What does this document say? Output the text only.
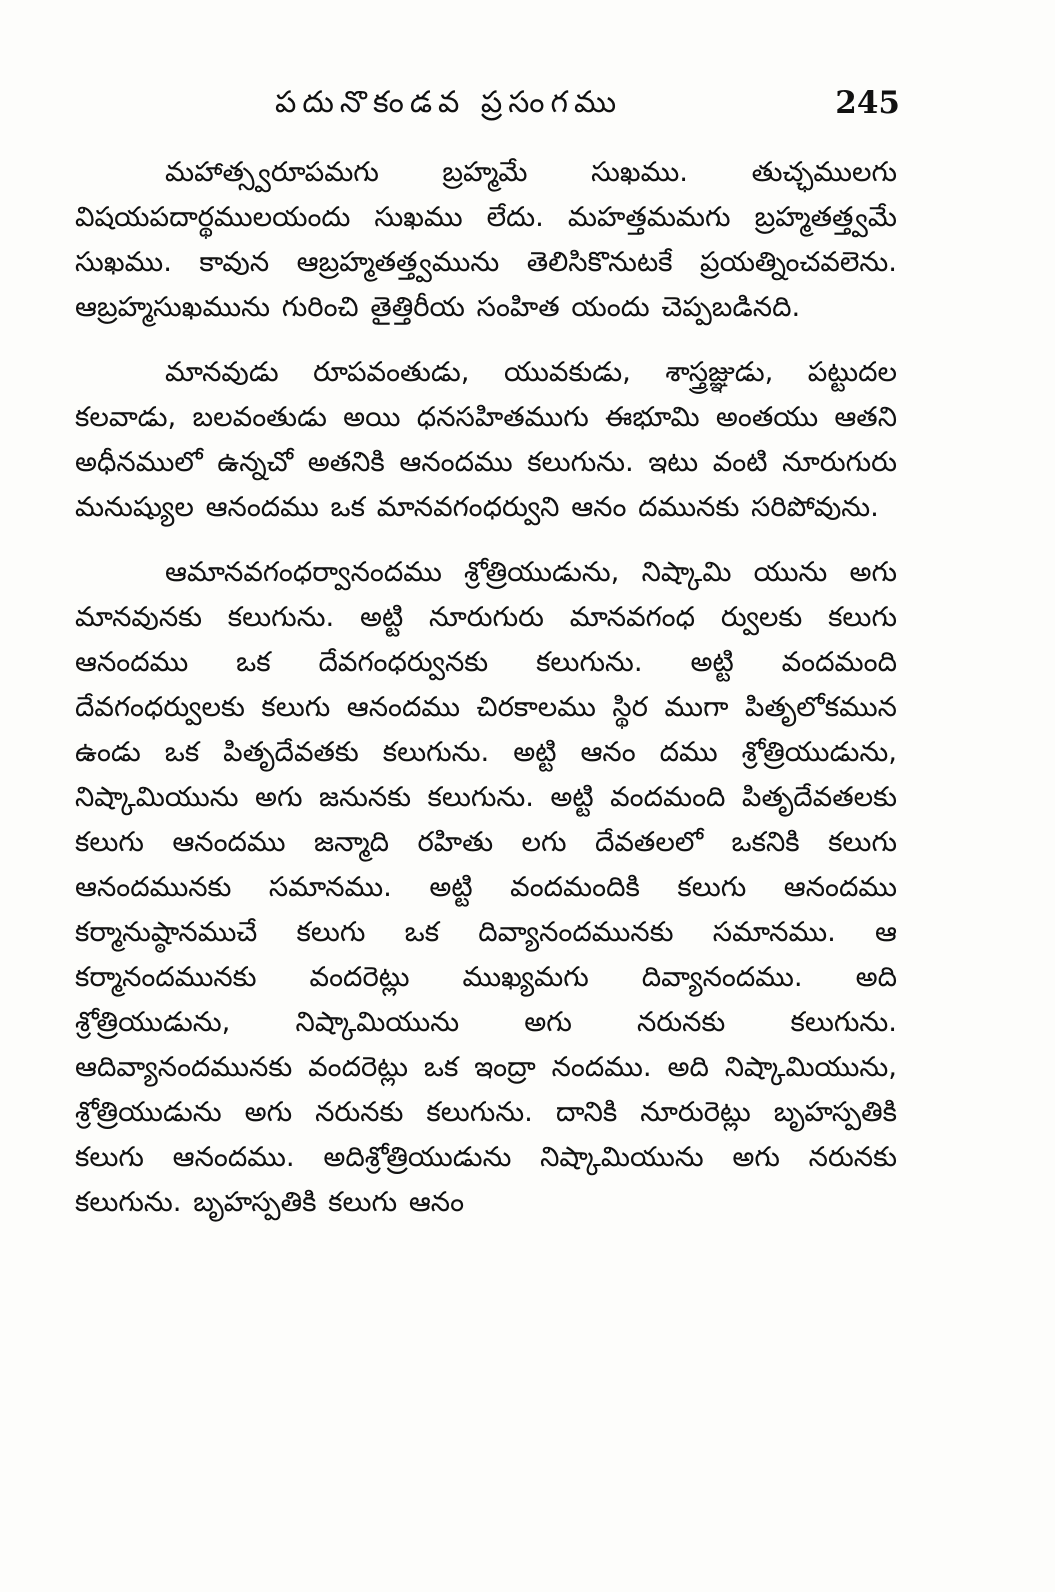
పదునొకండవ ప్రసంగము	245

మహాత్స్వరూపమగు బ్రహ్మమే సుఖము. తుచ్ఛములగు విషయపదార్థములయందు సుఖము లేదు. మహత్తమమగు బ్రహ్మతత్త్వమే సుఖము. కావున ఆబ్రహ్మతత్త్వమును తెలిసికొనుటకే ప్రయత్నించవలెను. ఆబ్రహ్మసుఖమును గురించి తైత్తిరీయ సంహిత యందు చెప్పబడినది.

మానవుడు రూపవంతుడు, యువకుడు, శాస్త్రజ్ఞుడు, పట్టుదల కలవాడు, బలవంతుడు అయి ధనసహితముగు ఈభూమి అంతయు ఆతని అధీనములో ఉన్నచో అతనికి ఆనందము కలుగును. ఇటు వంటి నూరుగురు మనుష్యుల ఆనందము ఒక మానవగంధర్వుని ఆనం దమునకు సరిపోవును.

ఆమానవగంధర్వానందము శ్రోత్రియుడును, నిష్కామి యును అగు మానవునకు కలుగును. అట్టి నూరుగురు మానవగంధ ర్వులకు కలుగు ఆనందము ఒక దేవగంధర్వునకు కలుగును. అట్టి వందమంది దేవగంధర్వులకు కలుగు ఆనందము చిరకాలము స్థిర ముగా పితృలోకమున ఉండు ఒక పితృదేవతకు కలుగును. అట్టి ఆనం దము శ్రోత్రియుడును, నిష్కామియును అగు జనునకు కలుగును. అట్టి వందమంది పితృదేవతలకు కలుగు ఆనందము జన్మాది రహితు లగు దేవతలలో ఒకనికి కలుగు ఆనందమునకు సమానము. అట్టి వందమందికి కలుగు ఆనందము కర్మానుష్ఠానముచే కలుగు ఒక దివ్యానందమునకు సమానము. ఆ కర్మానందమునకు వందరెట్లు ముఖ్యమగు దివ్యానందము. అది శ్రోత్రియుడును, నిష్కామియును అగు నరునకు కలుగును. ఆదివ్యానందమునకు వందరెట్లు ఒక ఇంద్రా నందము. అది నిష్కామియును, శ్రోత్రియుడును అగు నరునకు కలుగును. దానికి నూరురెట్లు బృహస్పతికి కలుగు ఆనందము. అదిశ్రోత్రియుడును నిష్కామియును అగు నరునకు కలుగును. బృహస్పతికి కలుగు ఆనం
